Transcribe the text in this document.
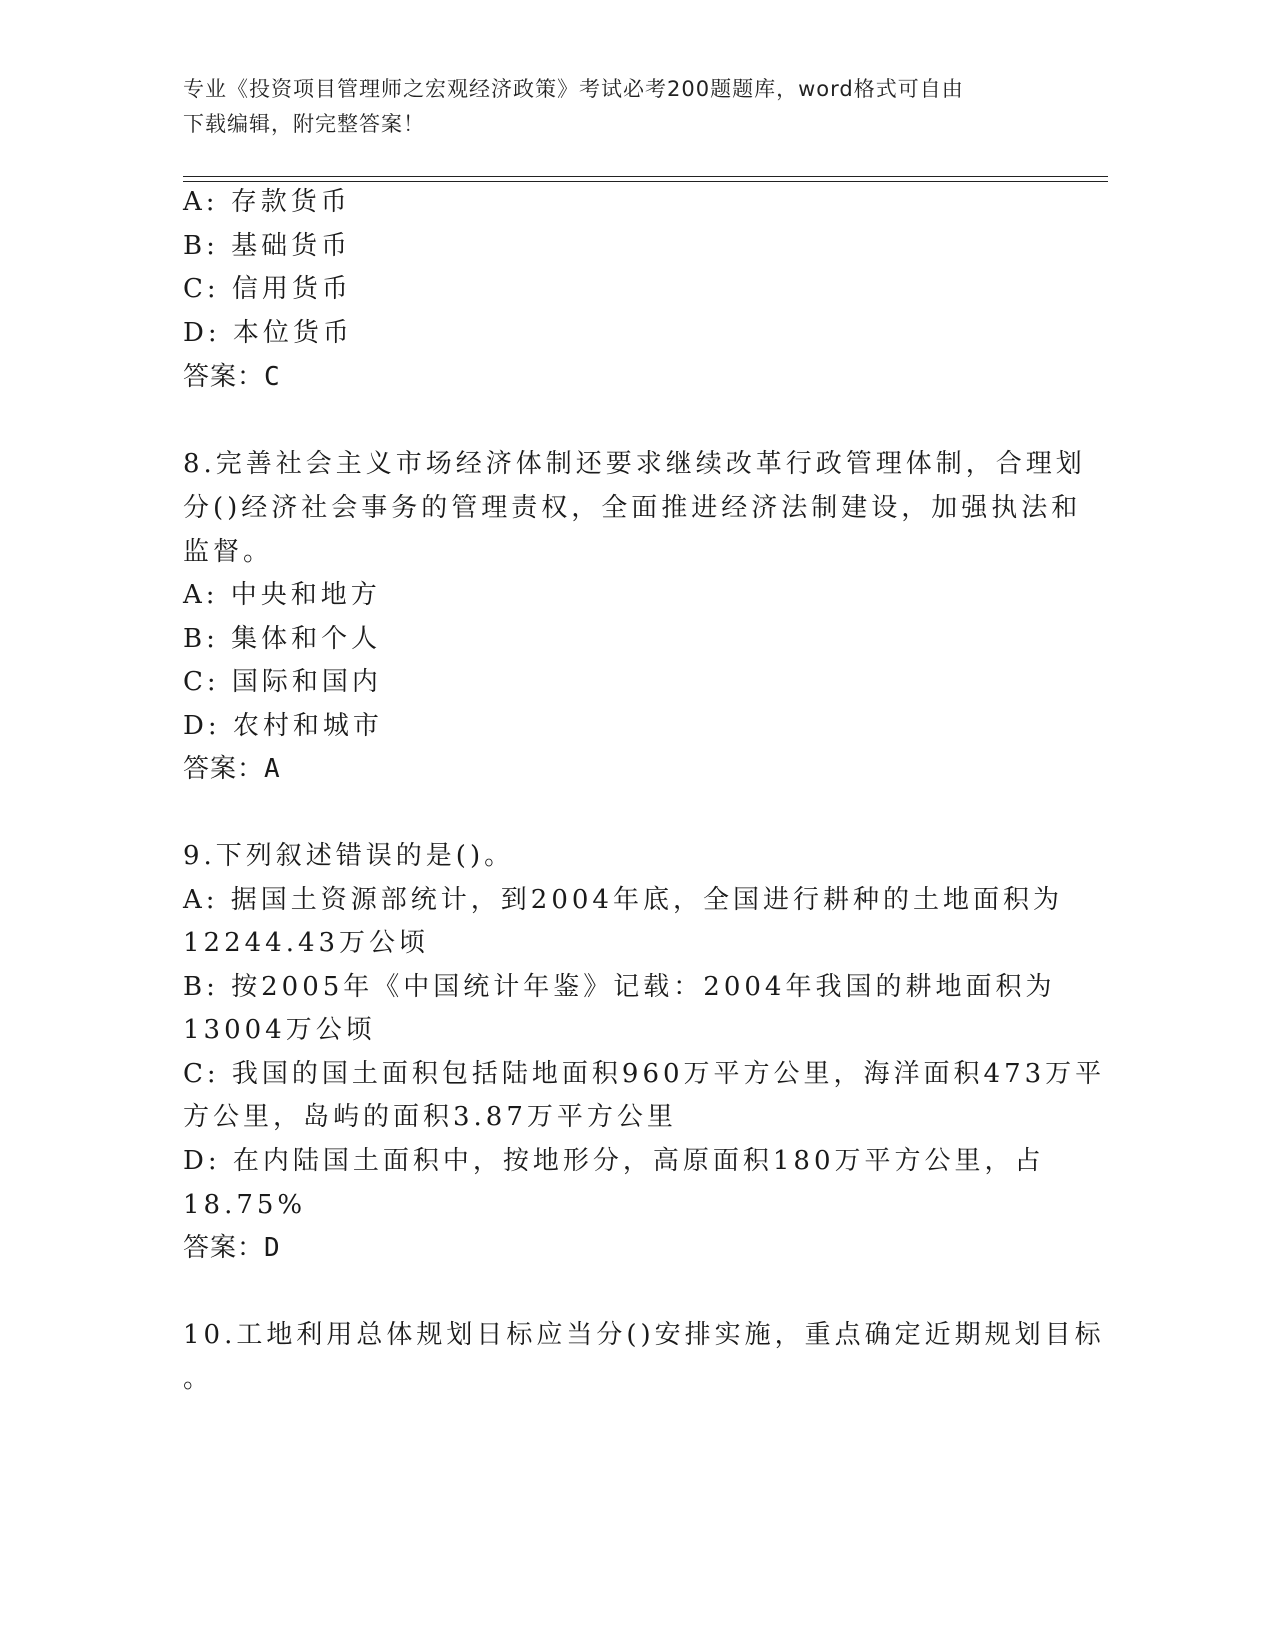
专业《投资项目管理师之宏观经济政策》考试必考200题题库，word格式可自由
下载编辑，附完整答案！
A: 存款货币
B: 基础货币
C: 信用货币
D: 本位货币
答案：C
8.完善社会主义市场经济体制还要求继续改革行政管理体制，合理划
分()经济社会事务的管理责权，全面推进经济法制建设，加强执法和
监督。
A: 中央和地方
B: 集体和个人
C: 国际和国内
D: 农村和城市
答案：A
9.下列叙述错误的是()。
A: 据国土资源部统计，到2004年底，全国进行耕种的土地面积为
12244.43万公顷
B: 按2005年《中国统计年鉴》记载：2004年我国的耕地面积为
13004万公顷
C: 我国的国土面积包括陆地面积960万平方公里，海洋面积473万平
方公里，岛屿的面积3.87万平方公里
D: 在内陆国土面积中，按地形分，高原面积180万平方公里，占
18.75%
答案：D
10.工地利用总体规划日标应当分()安排实施，重点确定近期规划目标
。
